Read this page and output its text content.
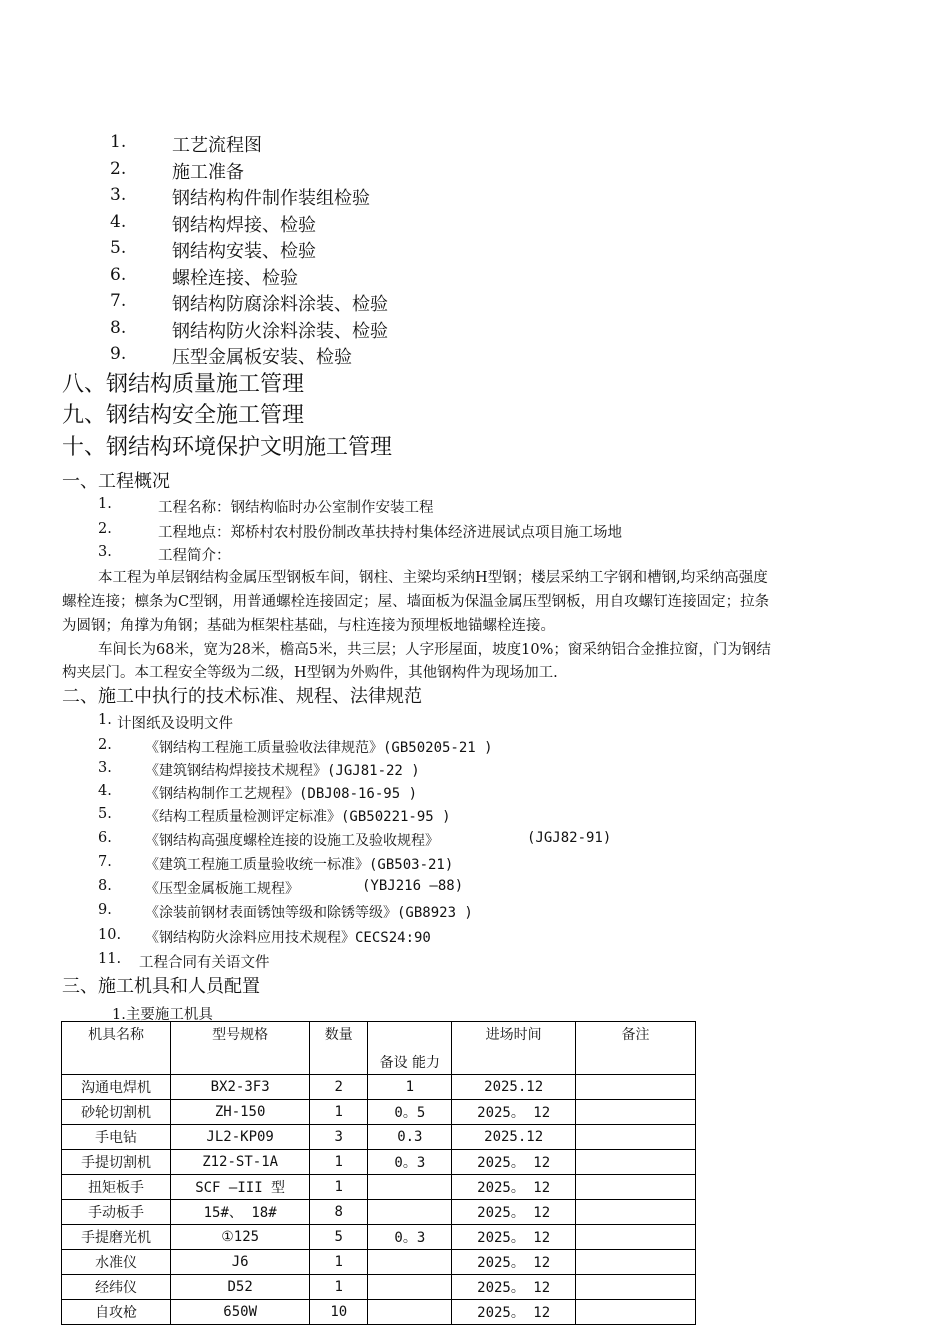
1.	工艺流程图
2.	施工准备
3.	钢结构构件制作装组检验
4.	钢结构焊接、检验
5.	钢结构安装、检验
6.	螺栓连接、检验
7.	钢结构防腐涂料涂装、检验
8.	钢结构防火涂料涂装、检验
9.	压型金属板安装、检验
八、钢结构质量施工管理
九、钢结构安全施工管理
十、钢结构环境保护文明施工管理
一、工程概况
1.	工程名称：钢结构临时办公室制作安装工程
2.	工程地点：郑桥村农村股份制改革扶持村集体经济进展试点项目施工场地
3.	工程简介：
本工程为单层钢结构金属压型钢板车间，钢柱、主梁均采纳H型钢；楼层采纳工字钢和槽钢,均采纳高强度
螺栓连接；檩条为C型钢，用普通螺栓连接固定；屋、墙面板为保温金属压型钢板，用自攻螺钉连接固定；拉条
为圆钢；角撑为角钢；基础为框架柱基础，与柱连接为预埋板地锚螺栓连接。
车间长为68米，宽为28米，檐高5米，共三层；人字形屋面，坡度10%；窗采纳铝合金推拉窗，门为钢结
构夹层门。本工程安全等级为二级，H型钢为外购件，其他钢构件为现场加工.
二、施工中执行的技术标准、规程、法律规范
1. 计图纸及设明文件
2. 《钢结构工程施工质量验收法律规范》(GB50205-21 )
3. 《建筑钢结构焊接技术规程》(JGJ81-22 )
4. 《钢结构制作工艺规程》(DBJ08-16-95 )
5. 《结构工程质量检测评定标准》(GB50221-95 )
6. 《钢结构高强度螺栓连接的设施工及验收规程》	(JGJ82-91)
7. 《建筑工程施工质量验收统一标准》(GB503-21)
8. 《压型金属板施工规程》	(YBJ216 —88)
9. 《涂装前钢材表面锈蚀等级和除锈等级》(GB8923 )
10. 《钢结构防火涂料应用技术规程》CECS24:90
11. 工程合同有关语文件
三、施工机具和人员配置
1.主要施工机具
机具名称	型号规格	数量	备设 能力	进场时间	备注
沟通电焊机	BX2-3F3	2	1	2025.12	
砂轮切割机	ZH-150	1	0。5	2025。 12	
手电钻	JL2-KP09	3	0.3	2025.12	
手提切割机	Z12-ST-1A	1	0。3	2025。 12	
扭矩板手	SCF —III 型	1		2025。 12	
手动板手	15#、 18#	8		2025。 12	
手提磨光机	①125	5	0。3	2025。 12	
水准仪	J6	1		2025。 12	
经纬仪	D52	1		2025。 12	
自攻枪	650W	10		2025。 12	
